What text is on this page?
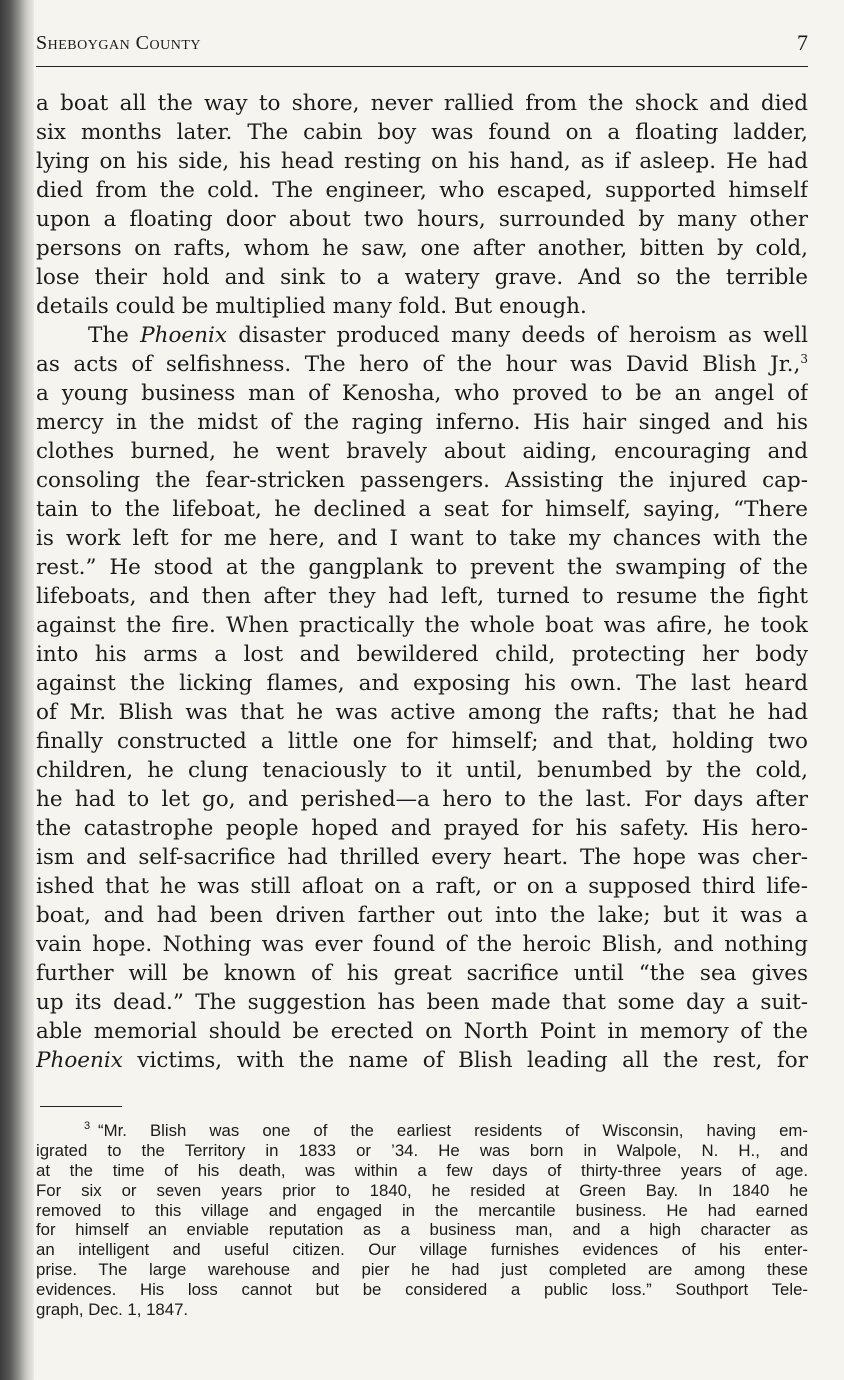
Sheboygan County	7
a boat all the way to shore, never rallied from the shock and died
six months later. The cabin boy was found on a floating ladder,
lying on his side, his head resting on his hand, as if asleep. He had
died from the cold. The engineer, who escaped, supported himself
upon a floating door about two hours, surrounded by many other
persons on rafts, whom he saw, one after another, bitten by cold,
lose their hold and sink to a watery grave. And so the terrible
details could be multiplied many fold. But enough.
The Phoenix disaster produced many deeds of heroism as well
as acts of selfishness. The hero of the hour was David Blish Jr.,$^3$
a young business man of Kenosha, who proved to be an angel of
mercy in the midst of the raging inferno. His hair singed and his
clothes burned, he went bravely about aiding, encouraging and
consoling the fear-stricken passengers. Assisting the injured cap-
tain to the lifeboat, he declined a seat for himself, saying, “There
is work left for me here, and I want to take my chances with the
rest.” He stood at the gangplank to prevent the swamping of the
lifeboats, and then after they had left, turned to resume the fight
against the fire. When practically the whole boat was afire, he took
into his arms a lost and bewildered child, protecting her body
against the licking flames, and exposing his own. The last heard
of Mr. Blish was that he was active among the rafts; that he had
finally constructed a little one for himself; and that, holding two
children, he clung tenaciously to it until, benumbed by the cold,
he had to let go, and perished—a hero to the last. For days after
the catastrophe people hoped and prayed for his safety. His hero-
ism and self-sacrifice had thrilled every heart. The hope was cher-
ished that he was still afloat on a raft, or on a supposed third life-
boat, and had been driven farther out into the lake; but it was a
vain hope. Nothing was ever found of the heroic Blish, and nothing
further will be known of his great sacrifice until “the sea gives
up its dead.” The suggestion has been made that some day a suit-
able memorial should be erected on North Point in memory of the
Phoenix victims, with the name of Blish leading all the rest, for
3 “Mr. Blish was one of the earliest residents of Wisconsin, having em-
igrated to the Territory in 1833 or ’34. He was born in Walpole, N. H., and
at the time of his death, was within a few days of thirty-three years of age.
For six or seven years prior to 1840, he resided at Green Bay. In 1840 he
removed to this village and engaged in the mercantile business. He had earned
for himself an enviable reputation as a business man, and a high character as
an intelligent and useful citizen. Our village furnishes evidences of his enter-
prise. The large warehouse and pier he had just completed are among these
evidences. His loss cannot but be considered a public loss.” Southport Tele-
graph, Dec. 1, 1847.
